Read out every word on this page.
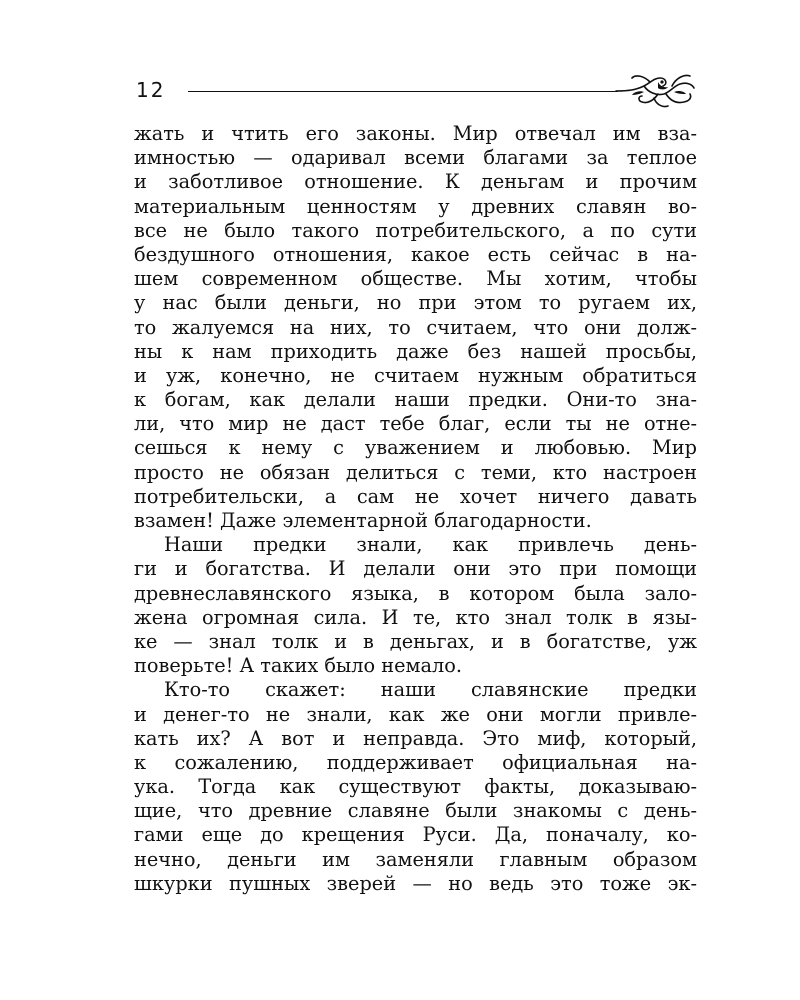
12
жать и чтить его законы. Мир отвечал им вза-
имностью — одаривал всеми благами за теплое
и заботливое отношение. К деньгам и прочим
материальным ценностям у древних славян во-
все не было такого потребительского, а по сути
бездушного отношения, какое есть сейчас в на-
шем современном обществе. Мы хотим, чтобы
у нас были деньги, но при этом то ругаем их,
то жалуемся на них, то считаем, что они долж-
ны к нам приходить даже без нашей просьбы,
и уж, конечно, не считаем нужным обратиться
к богам, как делали наши предки. Они-то зна-
ли, что мир не даст тебе благ, если ты не отне-
сешься к нему с уважением и любовью. Мир
просто не обязан делиться с теми, кто настроен
потребительски, а сам не хочет ничего давать
взамен! Даже элементарной благодарности.
Наши предки знали, как привлечь день-
ги и богатства. И делали они это при помощи
древнеславянского языка, в котором была зало-
жена огромная сила. И те, кто знал толк в язы-
ке — знал толк и в деньгах, и в богатстве, уж
поверьте! А таких было немало.
Кто-то скажет: наши славянские предки
и денег-то не знали, как же они могли привле-
кать их? А вот и неправда. Это миф, который,
к сожалению, поддерживает официальная на-
ука. Тогда как существуют факты, доказываю-
щие, что древние славяне были знакомы с день-
гами еще до крещения Руси. Да, поначалу, ко-
нечно, деньги им заменяли главным образом
шкурки пушных зверей — но ведь это тоже эк-
